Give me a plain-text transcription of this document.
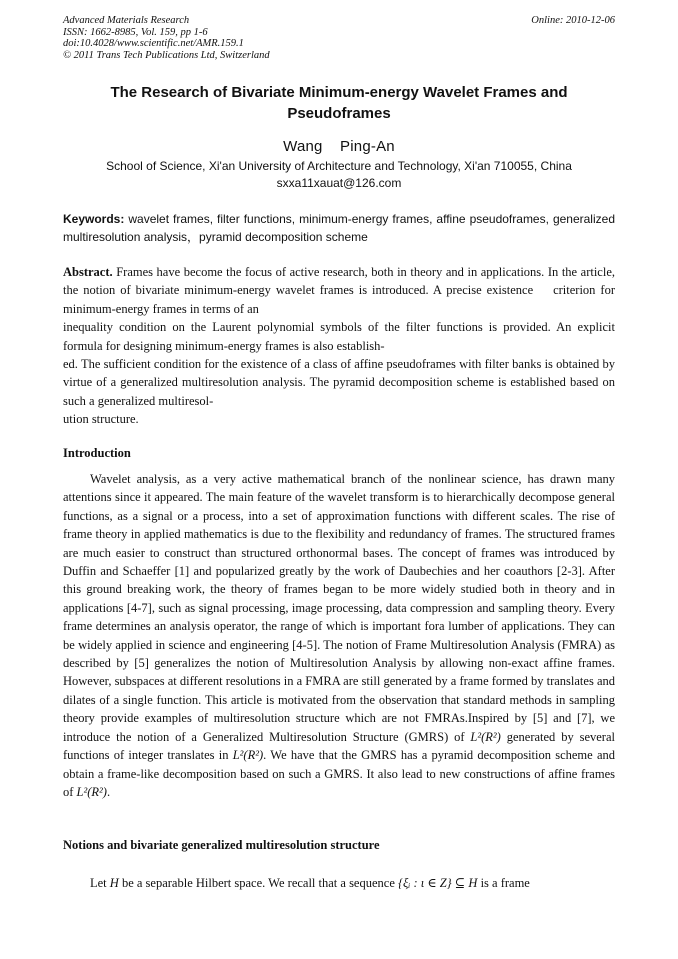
Advanced Materials Research
ISSN: 1662-8985, Vol. 159, pp 1-6
doi:10.4028/www.scientific.net/AMR.159.1
© 2011 Trans Tech Publications Ltd, Switzerland
Online: 2010-12-06
The Research of Bivariate Minimum-energy Wavelet Frames and Pseudoframes
Wang    Ping-An
School of Science, Xi'an University of Architecture and Technology, Xi'an 710055, China
sxxa11xauat@126.com
Keywords: wavelet frames, filter functions, minimum-energy frames, affine pseudoframes, generalized multiresolution analysis，pyramid decomposition scheme
Abstract. Frames have become the focus of active research, both in theory and in applications. In the article, the notion of bivariate minimum-energy wavelet frames is introduced. A precise existence    criterion for minimum-energy frames in terms of an
inequality condition on the Laurent polynomial symbols of the filter functions is provided. An explicit formula for designing minimum-energy frames is also establish-
ed. The sufficient condition for the existence of a class of affine pseudoframes with filter banks is obtained by virtue of a generalized multiresolution analysis. The pyramid decomposition scheme is established based on such a generalized multiresol-
ution structure.
Introduction
Wavelet analysis, as a very active mathematical branch of the nonlinear science, has drawn many attentions since it appeared. The main feature of the wavelet transform is to hierarchically decompose general functions, as a signal or a process, into a set of approximation functions with different scales. The rise of frame theory in applied mathematics is due to the flexibility and redundancy of frames. The structured frames are much easier to construct than structured orthonormal bases. The concept of frames was introduced by Duffin and Schaeffer [1] and popularized greatly by the work of Daubechies and her coauthors [2-3]. After this ground breaking work, the theory of frames began to be more widely studied both in theory and in applications [4-7], such as signal processing, image processing, data compression and sampling theory. Every frame determines an analysis operator, the range of which is important fora lumber of applications. They can be widely applied in science and engineering [4-5]. The notion of Frame Multiresolution Analysis (FMRA) as described by [5] generalizes the notion of Multiresolution Analysis by allowing non-exact affine frames. However, subspaces at different resolutions in a FMRA are still generated by a frame formed by translates and dilates of a single function. This article is motivated from the observation that standard methods in sampling theory provide examples of multiresolution structure which are not FMRAs.Inspired by [5] and [7], we introduce the notion of a Generalized Multiresolution Structure (GMRS) of L²(R²) generated by several functions of integer translates in L²(R²). We have that the GMRS has a pyramid decomposition scheme and obtain a frame-like decomposition based on such a GMRS. It also lead to new constructions of affine frames of L²(R²).
Notions and bivariate generalized multiresolution structure
Let H be a separable Hilbert space. We recall that a sequence {ξᵢ : ι ∈ Z} ⊆ H is a frame
